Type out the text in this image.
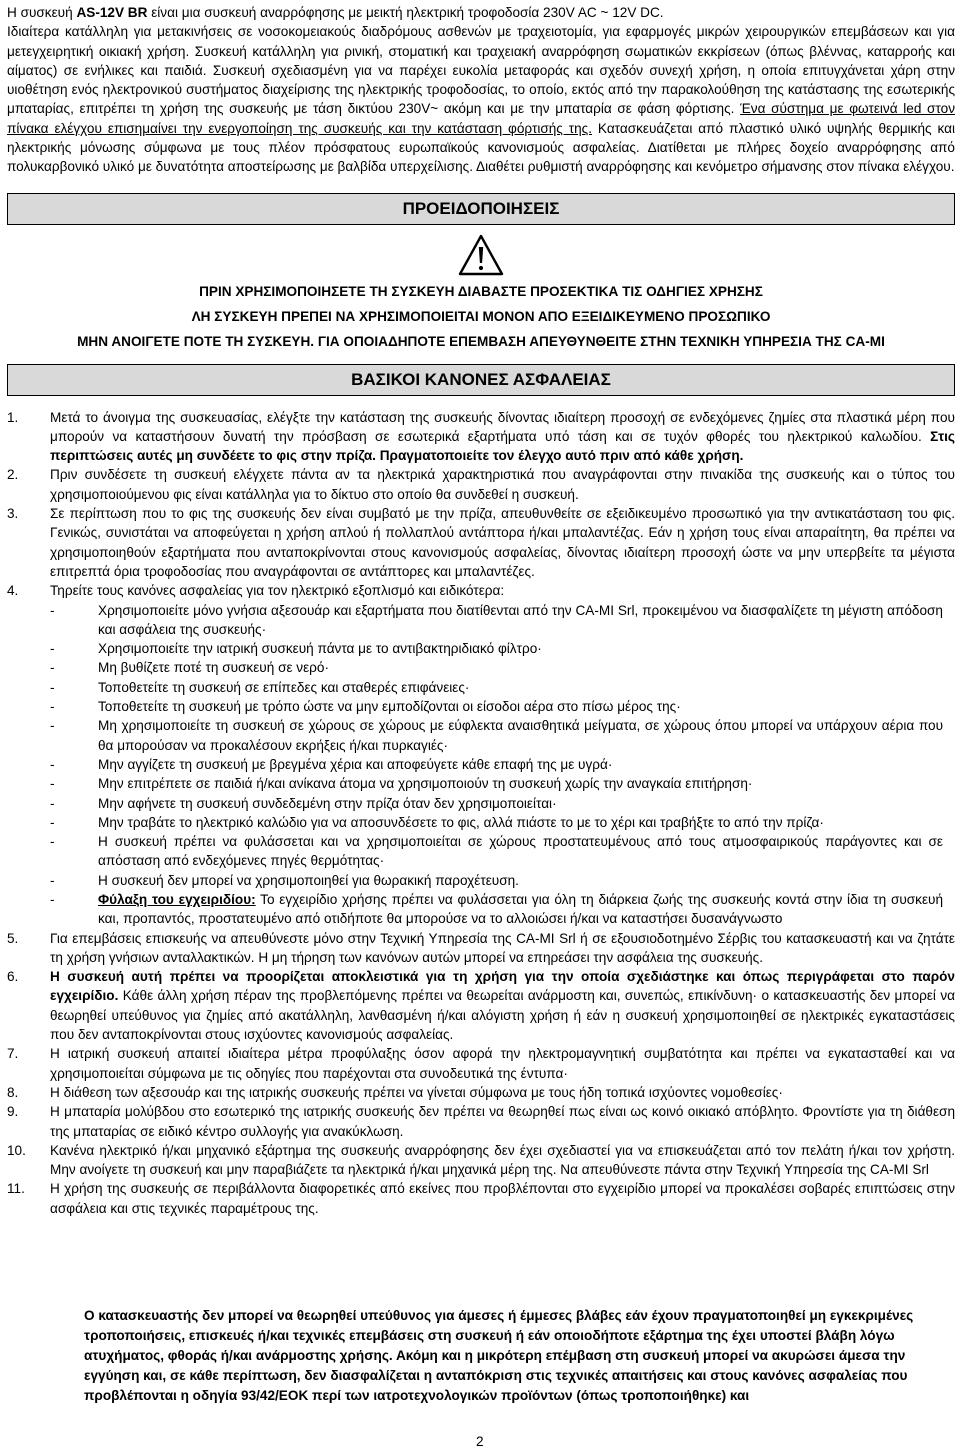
Η συσκευή AS-12V BR είναι μια συσκευή αναρρόφησης με μεικτή ηλεκτρική τροφοδοσία 230V AC ~ 12V DC.

Ιδιαίτερα κατάλληλη για μετακινήσεις σε νοσοκομειακούς διαδρόμους ασθενών με τραχειοτομία, για εφαρμογές μικρών χειρουργικών επεμβάσεων και για μετεγχειρητική οικιακή χρήση. Συσκευή κατάλληλη για ρινική, στοματική και τραχειακή αναρρόφηση σωματικών εκκρίσεων (όπως βλέννας, καταρροής και αίματος) σε ενήλικες και παιδιά. Συσκευή σχεδιασμένη για να παρέχει ευκολία μεταφοράς και σχεδόν συνεχή χρήση, η οποία επιτυγχάνεται χάρη στην υιοθέτηση ενός ηλεκτρονικού συστήματος διαχείρισης της ηλεκτρικής τροφοδοσίας, το οποίο, εκτός από την παρακολούθηση της κατάστασης της εσωτερικής μπαταρίας, επιτρέπει τη χρήση της συσκευής με τάση δικτύου 230V~ ακόμη και με την μπαταρία σε φάση φόρτισης. Ένα σύστημα με φωτεινά led στον πίνακα ελέγχου επισημαίνει την ενεργοποίηση της συσκευής και την κατάσταση φόρτισής της. Κατασκευάζεται από πλαστικό υλικό υψηλής θερμικής και ηλεκτρικής μόνωσης σύμφωνα με τους πλέον πρόσφατους ευρωπαϊκούς κανονισμούς ασφαλείας. Διατίθεται με πλήρες δοχείο αναρρόφησης από πολυκαρβονικό υλικό με δυνατότητα αποστείρωσης με βαλβίδα υπερχείλισης. Διαθέτει ρυθμιστή αναρρόφησης και κενόμετρο σήμανσης στον πίνακα ελέγχου.

ΠΡΟΕΙΔΟΠΟΙΗΣΕΙΣ

ΠΡΙΝ ΧΡΗΣΙΜΟΠΟΙΗΣΕΤΕ ΤΗ ΣΥΣΚΕΥΗ ΔΙΑΒΑΣΤΕ ΠΡΟΣΕΚΤΙΚΑ ΤΙΣ ΟΔΗΓΙΕΣ ΧΡΗΣΗΣ

ΛΗ ΣΥΣΚΕΥΗ ΠΡΕΠΕΙ ΝΑ ΧΡΗΣΙΜΟΠΟΙΕΙΤΑΙ ΜΟΝΟΝ ΑΠΟ ΕΞΕΙΔΙΚΕΥΜΕΝΟ ΠΡΟΣΩΠΙΚΟ

ΜΗΝ ΑΝΟΙΓΕΤΕ ΠΟΤΕ ΤΗ ΣΥΣΚΕΥΗ. ΓΙΑ ΟΠΟΙΑΔΗΠΟΤΕ ΕΠΕΜΒΑΣΗ ΑΠΕΥΘΥΝΘΕΙΤΕ ΣΤΗΝ ΤΕΧΝΙΚΗ ΥΠΗΡΕΣΙΑ ΤΗΣ CA-MI

ΒΑΣΙΚΟΙ ΚΑΝΟΝΕΣ ΑΣΦΑΛΕΙΑΣ
1. Μετά το άνοιγμα της συσκευασίας, ελέγξτε την κατάσταση της συσκευής δίνοντας ιδιαίτερη προσοχή σε ενδεχόμενες ζημίες στα πλαστικά μέρη που μπορούν να καταστήσουν δυνατή την πρόσβαση σε εσωτερικά εξαρτήματα υπό τάση και σε τυχόν φθορές του ηλεκτρικού καλωδίου. Στις περιπτώσεις αυτές μη συνδέετε το φις στην πρίζα. Πραγματοποιείτε τον έλεγχο αυτό πριν από κάθε χρήση.
2. Πριν συνδέσετε τη συσκευή ελέγχετε πάντα αν τα ηλεκτρικά χαρακτηριστικά που αναγράφονται στην πινακίδα της συσκευής και ο τύπος του χρησιμοποιούμενου φις είναι κατάλληλα για το δίκτυο στο οποίο θα συνδεθεί η συσκευή.
3. Σε περίπτωση που το φις της συσκευής δεν είναι συμβατό με την πρίζα, απευθυνθείτε σε εξειδικευμένο προσωπικό για την αντικατάσταση του φις. Γενικώς, συνιστάται να αποφεύγεται η χρήση απλού ή πολλαπλού αντάπτορα ή/και μπαλαντέζας. Εάν η χρήση τους είναι απαραίτητη, θα πρέπει να χρησιμοποιηθούν εξαρτήματα που ανταποκρίνονται στους κανονισμούς ασφαλείας, δίνοντας ιδιαίτερη προσοχή ώστε να μην υπερβείτε τα μέγιστα επιτρεπτά όρια τροφοδοσίας που αναγράφονται σε αντάπτορες και μπαλαντέζες.
4. Τηρείτε τους κανόνες ασφαλείας για τον ηλεκτρικό εξοπλισμό και ειδικότερα:
-	Χρησιμοποιείτε μόνο γνήσια αξεσουάρ και εξαρτήματα που διατίθενται από την CA-MI Srl, προκειμένου να διασφαλίζετε τη μέγιστη απόδοση και ασφάλεια της συσκευής·
-	Χρησιμοποιείτε την ιατρική συσκευή πάντα με το αντιβακτηριδιακό φίλτρο·
-	Μη βυθίζετε ποτέ τη συσκευή σε νερό·
-	Τοποθετείτε τη συσκευή σε επίπεδες και σταθερές επιφάνειες·
-	Τοποθετείτε τη συσκευή με τρόπο ώστε να μην εμποδίζονται οι είσοδοι αέρα στο πίσω μέρος της·
-	Μη χρησιμοποιείτε τη συσκευή σε χώρους σε χώρους με εύφλεκτα αναισθητικά μείγματα, σε χώρους όπου μπορεί να υπάρχουν αέρια που θα μπορούσαν να προκαλέσουν εκρήξεις ή/και πυρκαγιές·
-	Μην αγγίζετε τη συσκευή με βρεγμένα χέρια και αποφεύγετε κάθε επαφή της με υγρά·
-	Μην επιτρέπετε σε παιδιά ή/και ανίκανα άτομα να χρησιμοποιούν τη συσκευή χωρίς την αναγκαία επιτήρηση·
-	Μην αφήνετε τη συσκευή συνδεδεμένη στην πρίζα όταν δεν χρησιμοποιείται·
-	Μην τραβάτε το ηλεκτρικό καλώδιο για να αποσυνδέσετε το φις, αλλά πιάστε το με το χέρι και τραβήξτε το από την πρίζα·
-	Η συσκευή πρέπει να φυλάσσεται και να χρησιμοποιείται σε χώρους προστατευμένους από τους ατμοσφαιρικούς παράγοντες και σε απόσταση από ενδεχόμενες πηγές θερμότητας·
-	Η συσκευή δεν μπορεί να χρησιμοποιηθεί για θωρακική παροχέτευση.
-	Φύλαξη του εγχειριδίου: Το εγχειρίδιο χρήσης πρέπει να φυλάσσεται για όλη τη διάρκεια ζωής της συσκευής κοντά στην ίδια τη συσκευή και, προπαντός, προστατευμένο από οτιδήποτε θα μπορούσε να το αλλοιώσει ή/και να καταστήσει δυσανάγνωστο
5. Για επεμβάσεις επισκευής να απευθύνεστε μόνο στην Τεχνική Υπηρεσία της CA-MI Srl ή σε εξουσιοδοτημένο Σέρβις του κατασκευαστή και να ζητάτε τη χρήση γνήσιων ανταλλακτικών. Η μη τήρηση των κανόνων αυτών μπορεί να επηρεάσει την ασφάλεια της συσκευής.
6. Η συσκευή αυτή πρέπει να προορίζεται αποκλειστικά για τη χρήση για την οποία σχεδιάστηκε και όπως περιγράφεται στο παρόν εγχειρίδιο. Κάθε άλλη χρήση πέραν της προβλεπόμενης πρέπει να θεωρείται ανάρμοστη και, συνεπώς, επικίνδυνη· ο κατασκευαστής δεν μπορεί να θεωρηθεί υπεύθυνος για ζημίες από ακατάλληλη, λανθασμένη ή/και αλόγιστη χρήση ή εάν η συσκευή χρησιμοποιηθεί σε ηλεκτρικές εγκαταστάσεις που δεν ανταποκρίνονται στους ισχύοντες κανονισμούς ασφαλείας.
7. Η ιατρική συσκευή απαιτεί ιδιαίτερα μέτρα προφύλαξης όσον αφορά την ηλεκτρομαγνητική συμβατότητα και πρέπει να εγκατασταθεί και να χρησιμοποιείται σύμφωνα με τις οδηγίες που παρέχονται στα συνοδευτικά της έντυπα·
8. Η διάθεση των αξεσουάρ και της ιατρικής συσκευής πρέπει να γίνεται σύμφωνα με τους ήδη τοπικά ισχύοντες νομοθεσίες·
9. Η μπαταρία μολύβδου στο εσωτερικό της ιατρικής συσκευής δεν πρέπει να θεωρηθεί πως είναι ως κοινό οικιακό απόβλητο. Φροντίστε για τη διάθεση της μπαταρίας σε ειδικό κέντρο συλλογής για ανακύκλωση.
10. Κανένα ηλεκτρικό ή/και μηχανικό εξάρτημα της συσκευής αναρρόφησης δεν έχει σχεδιαστεί για να επισκευάζεται από τον πελάτη ή/και τον χρήστη. Μην ανοίγετε τη συσκευή και μην παραβιάζετε τα ηλεκτρικά ή/και μηχανικά μέρη της. Να απευθύνεστε πάντα στην Τεχνική Υπηρεσία της CA-MI Srl
11. Η χρήση της συσκευής σε περιβάλλοντα διαφορετικές από εκείνες που προβλέπονται στο εγχειρίδιο μπορεί να προκαλέσει σοβαρές επιπτώσεις στην ασφάλεια και στις τεχνικές παραμέτρους της.

Ο κατασκευαστής δεν μπορεί να θεωρηθεί υπεύθυνος για άμεσες ή έμμεσες βλάβες εάν έχουν πραγματοποιηθεί μη εγκεκριμένες τροποποιήσεις, επισκευές ή/και τεχνικές επεμβάσεις στη συσκευή ή εάν οποιοδήποτε εξάρτημα της έχει υποστεί βλάβη λόγω ατυχήματος, φθοράς ή/και ανάρμοστης χρήσης. Ακόμη και η μικρότερη επέμβαση στη συσκευή μπορεί να ακυρώσει άμεσα την εγγύηση και, σε κάθε περίπτωση, δεν διασφαλίζεται η ανταπόκριση στις τεχνικές απαιτήσεις και στους κανόνες ασφαλείας που προβλέπονται η οδηγία 93/42/ΕΟΚ περί των ιατροτεχνολογικών προϊόντων (όπως τροποποιήθηκε) και

2
